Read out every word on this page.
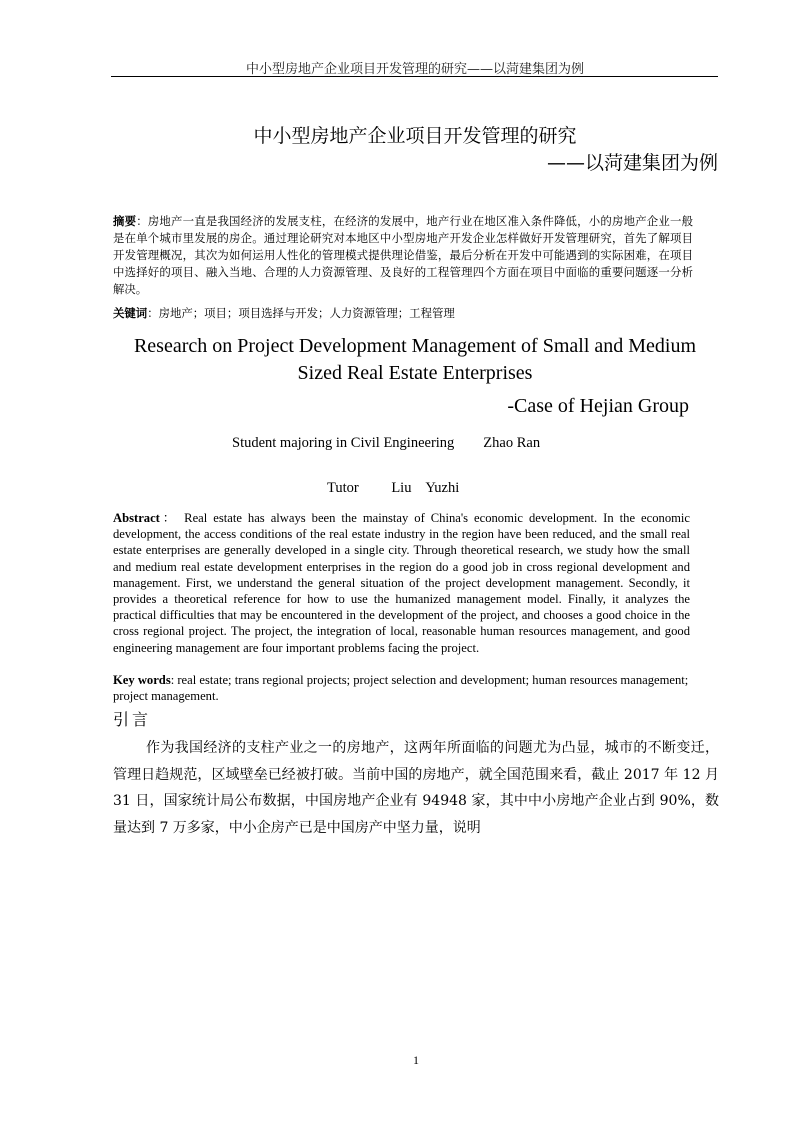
中小型房地产企业项目开发管理的研究——以菏建集团为例
中小型房地产企业项目开发管理的研究
——以菏建集团为例
摘要：房地产一直是我国经济的发展支柱，在经济的发展中，地产行业在地区准入条件降低，小的房地产企业一般是在单个城市里发展的房企。通过理论研究对本地区中小型房地产开发企业怎样做好开发管理研究，首先了解项目开发管理概况，其次为如何运用人性化的管理模式提供理论借鉴，最后分析在开发中可能遇到的实际困难，在项目中选择好的项目、融入当地、合理的人力资源管理、及良好的工程管理四个方面在项目中面临的重要问题逐一分析解决。
关键词：房地产；项目；项目选择与开发；人力资源管理；工程管理
Research on Project Development Management of Small and Medium Sized Real Estate Enterprises
-Case of Hejian Group
Student majoring in Civil Engineering        Zhao Ran
Tutor         Liu    Yuzhi
Abstract： Real estate has always been the mainstay of China's economic development. In the economic development, the access conditions of the real estate industry in the region have been reduced, and the small real estate enterprises are generally developed in a single city. Through theoretical research, we study how the small and medium real estate development enterprises in the region do a good job in cross regional development and management. First, we understand the general situation of the project development management. Secondly, it provides a theoretical reference for how to use the humanized management model. Finally, it analyzes the practical difficulties that may be encountered in the development of the project, and chooses a good choice in the cross regional project. The project, the integration of local, reasonable human resources management, and good engineering management are four important problems facing the project.
Key words: real estate; trans regional projects; project selection and development; human resources management; project management.
引言
作为我国经济的支柱产业之一的房地产，这两年所面临的问题尤为凸显，城市的不断变迁，管理日趋规范，区域壁垒已经被打破。当前中国的房地产，就全国范围来看，截止 2017 年 12 月 31 日，国家统计局公布数据，中国房地产企业有 94948 家，其中中小房地产企业占到 90%，数量达到 7 万多家，中小企房产已是中国房产中坚力量，说明
1
